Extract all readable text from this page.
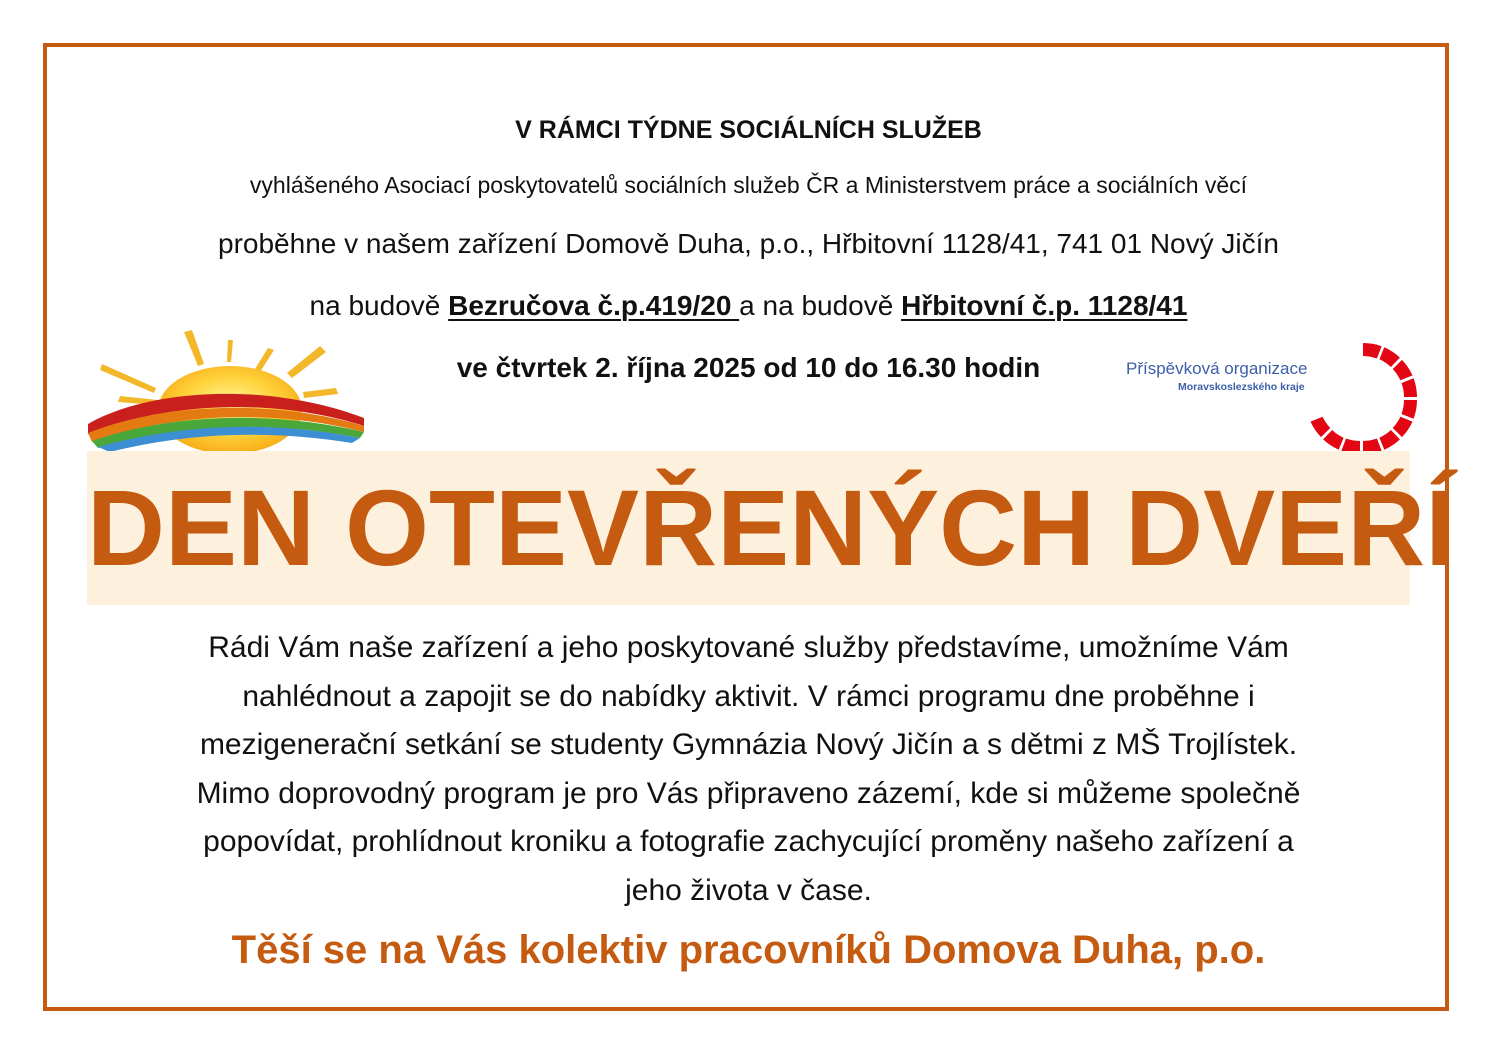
V RÁMCI TÝDNE SOCIÁLNÍCH SLUŽEB
vyhlášeného Asociací poskytovatelů sociálních služeb ČR a Ministerstvem práce a sociálních věcí
proběhne v našem zařízení Domově Duha, p.o., Hřbitovní 1128/41, 741 01 Nový Jičín
na budově Bezručova č.p.419/20 a na budově Hřbitovní č.p. 1128/41
ve čtvrtek 2. října 2025 od 10 do 16.30 hodin	Příspěvková organizace
Moravskoslezského kraje
DEN OTEVŘENÝCH DVEŘÍ
Rádi Vám naše zařízení a jeho poskytované služby představíme, umožníme Vám
nahlédnout a zapojit se do nabídky aktivit. V rámci programu dne proběhne i
mezigenerační setkání se studenty Gymnázia Nový Jičín a s dětmi z MŠ Trojlístek.
Mimo doprovodný program je pro Vás připraveno zázemí, kde si můžeme společně
popovídat, prohlídnout kroniku a fotografie zachycující proměny našeho zařízení a
jeho života v čase.
Těší se na Vás kolektiv pracovníků Domova Duha, p.o.
